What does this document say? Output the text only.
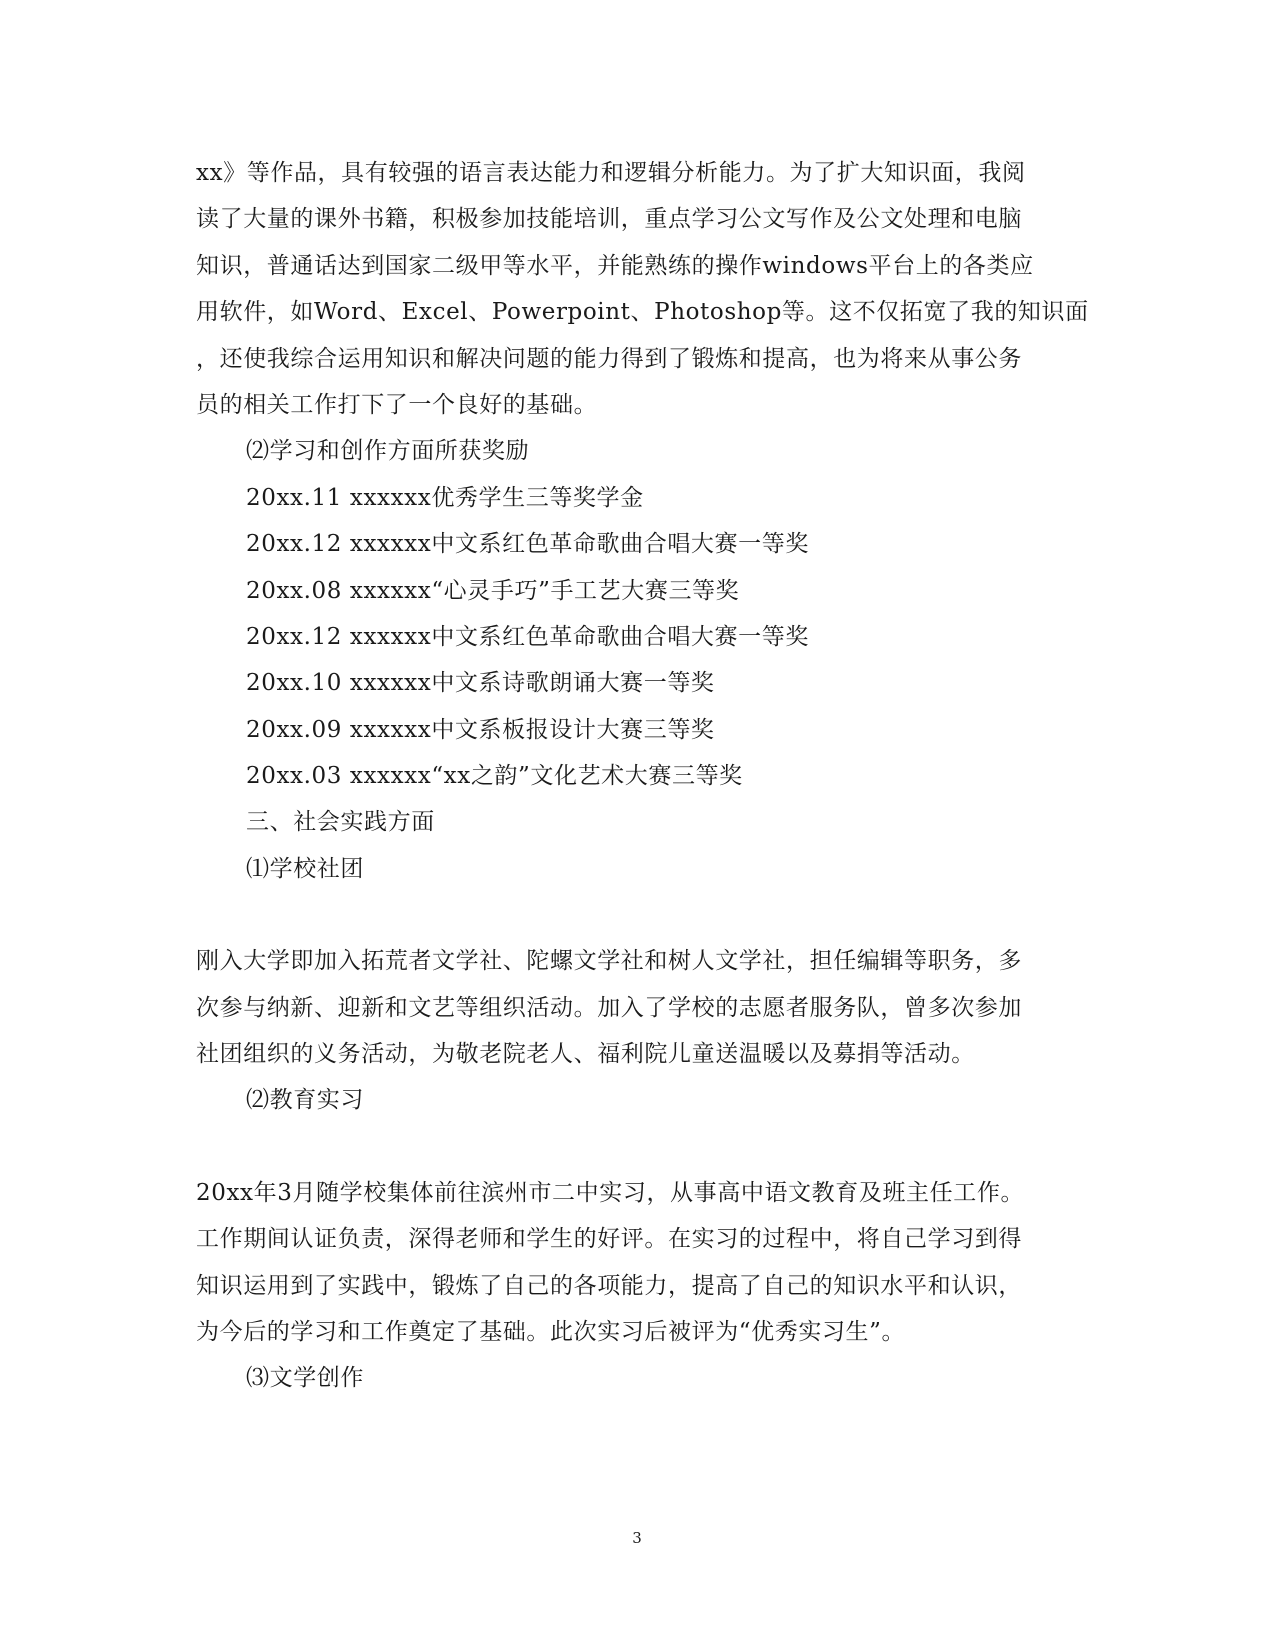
xx》等作品，具有较强的语言表达能力和逻辑分析能力。为了扩大知识面，我阅
读了大量的课外书籍，积极参加技能培训，重点学习公文写作及公文处理和电脑
知识，普通话达到国家二级甲等水平，并能熟练的操作windows平台上的各类应
用软件，如Word、Excel、Powerpoint、Photoshop等。这不仅拓宽了我的知识面
，还使我综合运用知识和解决问题的能力得到了锻炼和提高，也为将来从事公务
员的相关工作打下了一个良好的基础。
⑵学习和创作方面所获奖励
20xx.11 xxxxxx优秀学生三等奖学金
20xx.12 xxxxxx中文系红色革命歌曲合唱大赛一等奖
20xx.08 xxxxxx“心灵手巧”手工艺大赛三等奖
20xx.12 xxxxxx中文系红色革命歌曲合唱大赛一等奖
20xx.10 xxxxxx中文系诗歌朗诵大赛一等奖
20xx.09 xxxxxx中文系板报设计大赛三等奖
20xx.03 xxxxxx“xx之韵”文化艺术大赛三等奖
三、社会实践方面
⑴学校社团
刚入大学即加入拓荒者文学社、陀螺文学社和树人文学社，担任编辑等职务，多
次参与纳新、迎新和文艺等组织活动。加入了学校的志愿者服务队，曾多次参加
社团组织的义务活动，为敬老院老人、福利院儿童送温暖以及募捐等活动。
⑵教育实习
20xx年3月随学校集体前往滨州市二中实习，从事高中语文教育及班主任工作。
工作期间认证负责，深得老师和学生的好评。在实习的过程中，将自己学习到得
知识运用到了实践中，锻炼了自己的各项能力，提高了自己的知识水平和认识，
为今后的学习和工作奠定了基础。此次实习后被评为“优秀实习生”。
⑶文学创作
3
